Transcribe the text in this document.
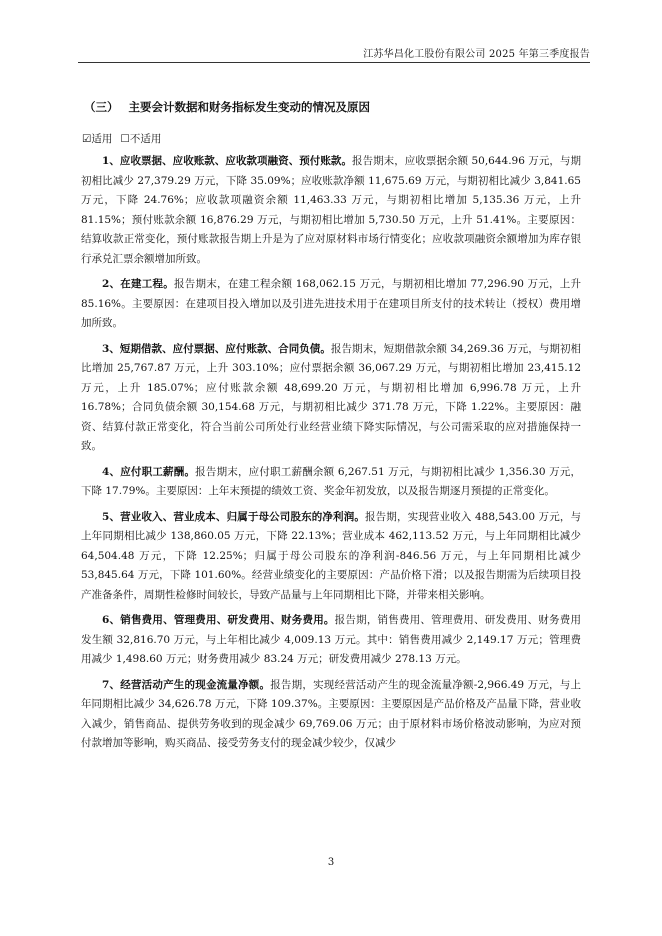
江苏华昌化工股份有限公司 2025 年第三季度报告
（三） 主要会计数据和财务指标发生变动的情况及原因
☑适用 ☐不适用

1、应收票据、应收账款、应收款项融资、预付账款。报告期末，应收票据余额 50,644.96 万元，与期初相比减少 27,379.29 万元，下降 35.09%；应收账款净额 11,675.69 万元，与期初相比减少 3,841.65 万元，下降 24.76%；应收款项融资余额 11,463.33 万元，与期初相比增加 5,135.36 万元，上升 81.15%；预付账款余额 16,876.29 万元，与期初相比增加 5,730.50 万元，上升 51.41%。主要原因：结算收款正常变化，预付账款报告期上升是为了应对原材料市场行情变化；应收款项融资余额增加为库存银行承兑汇票余额增加所致。

2、在建工程。报告期末，在建工程余额 168,062.15 万元，与期初相比增加 77,296.90 万元，上升 85.16%。主要原因：在建项目投入增加以及引进先进技术用于在建项目所支付的技术转让（授权）费用增加所致。

3、短期借款、应付票据、应付账款、合同负债。报告期末，短期借款余额 34,269.36 万元，与期初相比增加 25,767.87 万元，上升 303.10%；应付票据余额 36,067.29 万元，与期初相比增加 23,415.12 万元，上升 185.07%；应付账款余额 48,699.20 万元，与期初相比增加 6,996.78 万元，上升 16.78%；合同负债余额 30,154.68 万元，与期初相比减少 371.78 万元，下降 1.22%。主要原因：融资、结算付款正常变化，符合当前公司所处行业经营业绩下降实际情况，与公司需采取的应对措施保持一致。

4、应付职工薪酬。报告期末，应付职工薪酬余额 6,267.51 万元，与期初相比减少 1,356.30 万元，下降 17.79%。主要原因：上年末预提的绩效工资、奖金年初发放，以及报告期逐月预提的正常变化。

5、营业收入、营业成本、归属于母公司股东的净利润。报告期，实现营业收入 488,543.00 万元，与上年同期相比减少 138,860.05 万元，下降 22.13%；营业成本 462,113.52 万元，与上年同期相比减少 64,504.48 万元，下降 12.25%；归属于母公司股东的净利润-846.56 万元，与上年同期相比减少 53,845.64 万元，下降 101.60%。经营业绩变化的主要原因：产品价格下滑；以及报告期需为后续项目投产准备条件，周期性检修时间较长，导致产品量与上年同期相比下降，并带来相关影响。

6、销售费用、管理费用、研发费用、财务费用。报告期，销售费用、管理费用、研发费用、财务费用发生额 32,816.70 万元，与上年相比减少 4,009.13 万元。其中：销售费用减少 2,149.17 万元；管理费用减少 1,498.60 万元；财务费用减少 83.24 万元；研发费用减少 278.13 万元。

7、经营活动产生的现金流量净额。报告期，实现经营活动产生的现金流量净额-2,966.49 万元，与上年同期相比减少 34,626.78 万元，下降 109.37%。主要原因：主要原因是产品价格及产品量下降，营业收入减少，销售商品、提供劳务收到的现金减少 69,769.06 万元；由于原材料市场价格波动影响，为应对预付款增加等影响，购买商品、接受劳务支付的现金减少较少，仅减少

3
